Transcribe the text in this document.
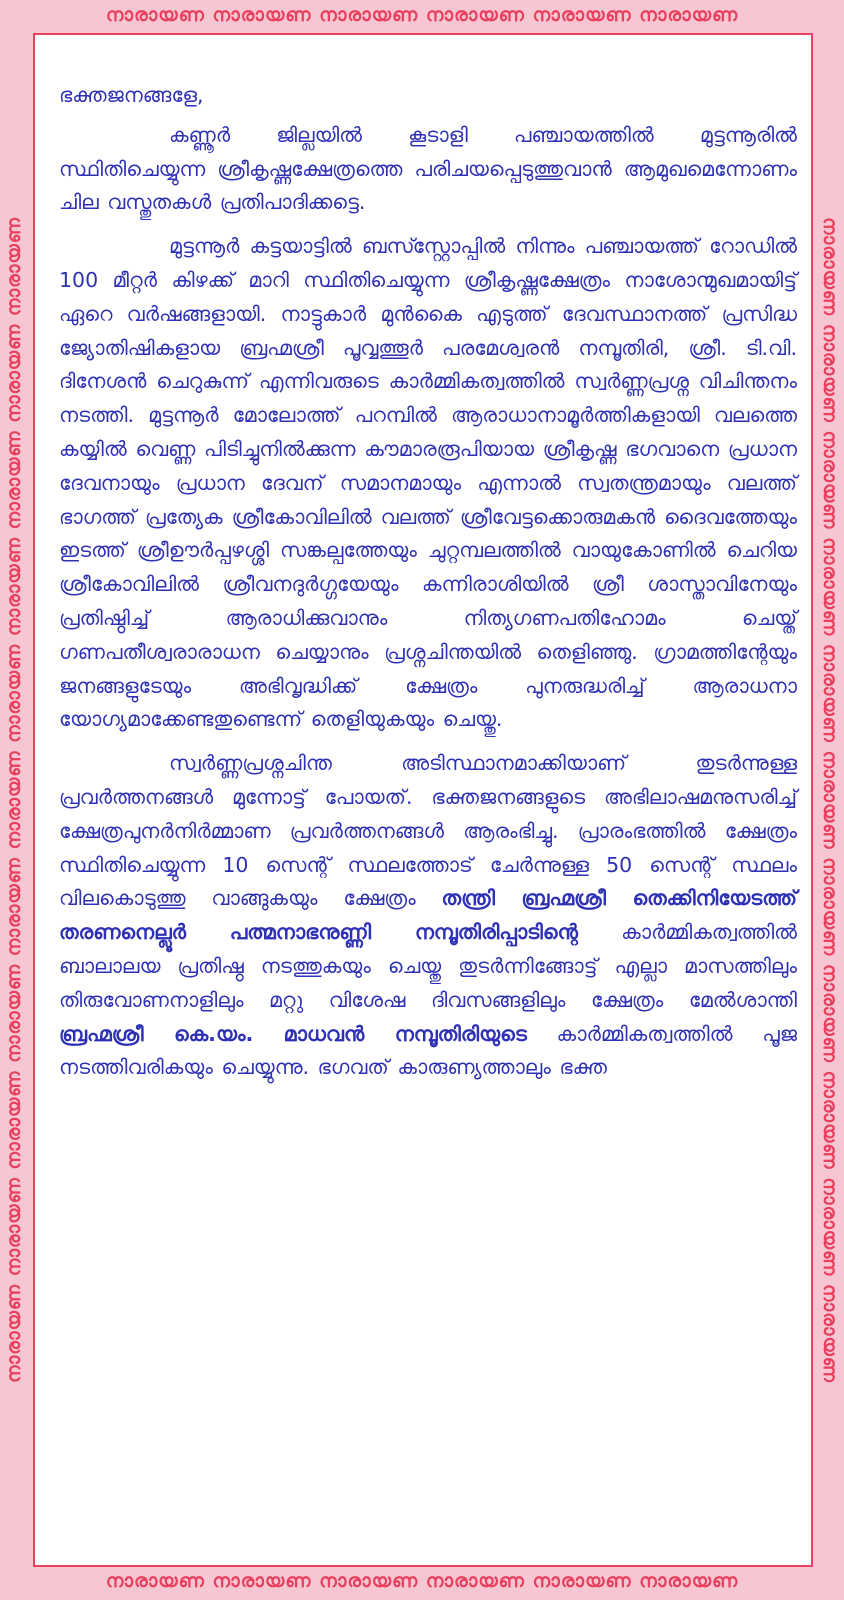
നാരായണ നാരായണ നാരായണ നാരായണ നാരായണ നാരായണ
നാരായണ നാരായണ നാരായണ നാരായണ നാരായണ നാരായണ നാരായണ നാരായണ നാരായണ നാരായണ നാരായണ	നാരായണ നാരായണ നാരായണ നാരായണ നാരായണ നാരായണ നാരായണ നാരായണ നാരായണ നാരായണ നാരായണ
നാരായണ നാരായണ നാരായണ നാരായണ നാരായണ നാരായണ

ഭക്തജനങ്ങളേ,

കണ്ണൂർ ജില്ലയിൽ കൂടാളി പഞ്ചായത്തിൽ മുട്ടന്നൂരിൽ സ്ഥിതിചെയ്യുന്ന ശ്രീകൃഷ്ണക്ഷേത്രത്തെ പരിചയപ്പെടുത്തുവാൻ ആമുഖമെന്നോണം ചില വസ്തുതകൾ പ്രതിപാദിക്കട്ടെ.

മുട്ടന്നൂർ കട്ടയാട്ടിൽ ബസ്സ്റ്റോപ്പിൽ നിന്നും പഞ്ചായത്ത് റോഡിൽ 100 മീറ്റർ കിഴക്ക് മാറി സ്ഥിതിചെയ്യുന്ന ശ്രീകൃഷ്ണക്ഷേത്രം നാശോന്മുഖമായിട്ട് ഏറെ വർഷങ്ങളായി. നാട്ടുകാർ മുൻകൈ എടുത്ത് ദേവസ്ഥാനത്ത് പ്രസിദ്ധ ജ്യോതിഷികളായ ബ്രഹ്മശ്രീ പൂവ്വത്തൂർ പരമേശ്വരൻ നമ്പൂതിരി, ശ്രീ. ടി.വി. ദിനേശൻ ചെറുകുന്ന് എന്നിവരുടെ കാർമ്മികത്വത്തിൽ സ്വർണ്ണപ്രശ്ന വിചിന്തനം നടത്തി. മുട്ടന്നൂർ മോലോത്ത് പറമ്പിൽ ആരാധാനാമൂർത്തികളായി വലത്തെ കയ്യിൽ വെണ്ണ പിടിച്ചുനിൽക്കുന്ന കൗമാരരൂപിയായ ശ്രീകൃഷ്ണ ഭഗവാനെ പ്രധാന ദേവനായും പ്രധാന ദേവന് സമാനമായും എന്നാൽ സ്വതന്ത്രമായും വലത്ത് ഭാഗത്ത് പ്രത്യേക ശ്രീകോവിലിൽ വലത്ത് ശ്രീവേട്ടക്കൊരുമകൻ ദൈവത്തേയും ഇടത്ത് ശ്രീഊർപ്പഴശ്ശി സങ്കല്പത്തേയും ചുറ്റമ്പലത്തിൽ വായുകോണിൽ ചെറിയ ശ്രീകോവിലിൽ ശ്രീവനദുർഗ്ഗയേയും കന്നിരാശിയിൽ ശ്രീ ശാസ്താവിനേയും പ്രതിഷ്ഠിച്ച് ആരാധിക്കുവാനും നിത്യഗണപതിഹോമം ചെയ്ത് ഗണപതീശ്വരാരാധന ചെയ്യാനും പ്രശ്നചിന്തയിൽ തെളിഞ്ഞു. ഗ്രാമത്തിന്റേയും ജനങ്ങളുടേയും അഭിവൃദ്ധിക്ക് ക്ഷേത്രം പുനരുദ്ധരിച്ച് ആരാധനാ യോഗ്യമാക്കേണ്ടതുണ്ടെന്ന് തെളിയുകയും ചെയ്തു.

സ്വർണ്ണപ്രശ്നചിന്ത അടിസ്ഥാനമാക്കിയാണ് തുടർന്നുള്ള പ്രവർത്തനങ്ങൾ മുന്നോട്ട് പോയത്. ഭക്തജനങ്ങളുടെ അഭിലാഷമനുസരിച്ച് ക്ഷേത്രപുനർനിർമ്മാണ പ്രവർത്തനങ്ങൾ ആരംഭിച്ചു. പ്രാരംഭത്തിൽ ക്ഷേത്രം സ്ഥിതിചെയ്യുന്ന 10 സെന്റ് സ്ഥലത്തോട് ചേർന്നുള്ള 50 സെന്റ് സ്ഥലം വിലകൊടുത്തു വാങ്ങുകയും ക്ഷേത്രം തന്ത്രി ബ്രഹ്മശ്രീ തെക്കിനിയേടത്ത് തരണനെല്ലൂർ പത്മനാഭനുണ്ണി നമ്പൂതിരിപ്പാടിന്റെ കാർമ്മികത്വത്തിൽ ബാലാലയ പ്രതിഷ്ഠ നടത്തുകയും ചെയ്തു തുടർന്നിങ്ങോട്ട് എല്ലാ മാസത്തിലും തിരുവോണനാളിലും മറ്റു വിശേഷ ദിവസങ്ങളിലും ക്ഷേത്രം മേൽശാന്തി ബ്രഹ്മശ്രീ കെ.യം. മാധവൻ നമ്പൂതിരിയുടെ കാർമ്മികത്വത്തിൽ പൂജ നടത്തിവരികയും ചെയ്യുന്നു. ഭഗവത് കാരുണ്യത്താലും ഭക്ത
